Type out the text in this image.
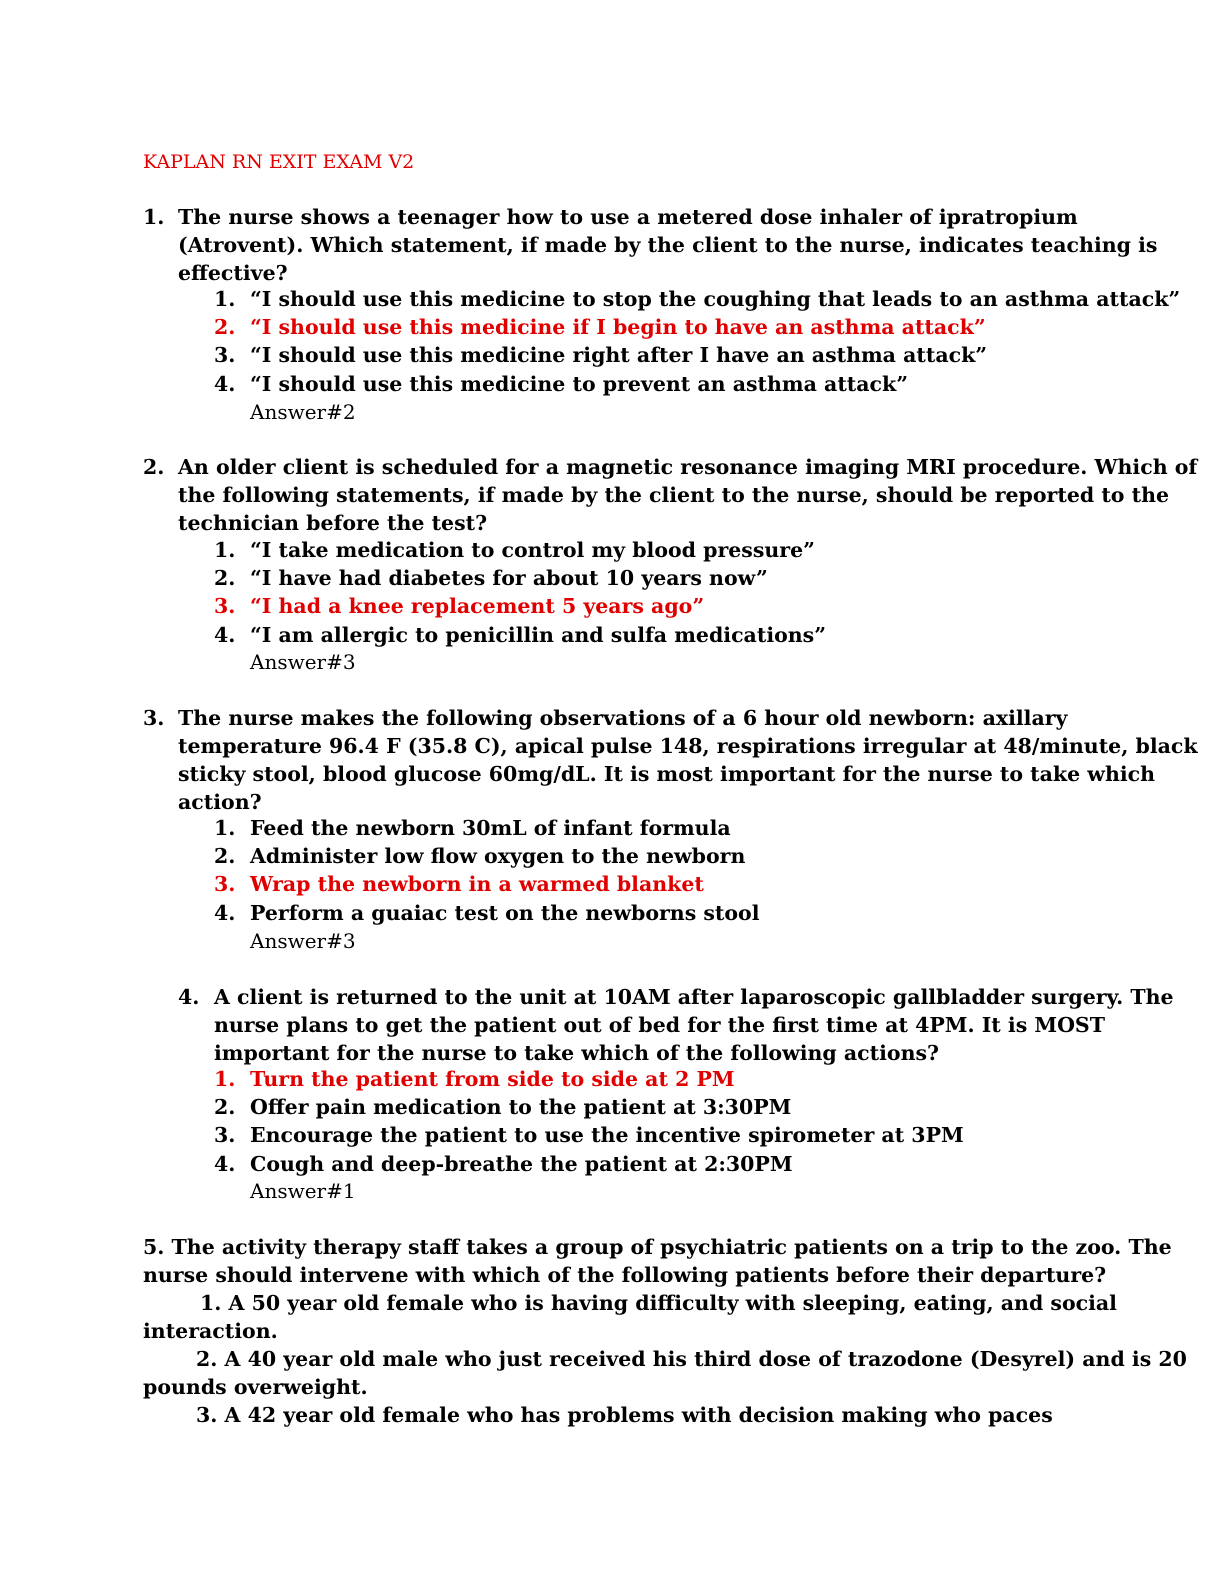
KAPLAN RN EXIT EXAM V2
1. The nurse shows a teenager how to use a metered dose inhaler of ipratropium
(Atrovent). Which statement, if made by the client to the nurse, indicates teaching is
effective?
1. “I should use this medicine to stop the coughing that leads to an asthma attack”
2. “I should use this medicine if I begin to have an asthma attack”
3. “I should use this medicine right after I have an asthma attack”
4. “I should use this medicine to prevent an asthma attack”
Answer#2
2. An older client is scheduled for a magnetic resonance imaging MRI procedure. Which of
the following statements, if made by the client to the nurse, should be reported to the
technician before the test?
1. “I take medication to control my blood pressure”
2. “I have had diabetes for about 10 years now”
3. “I had a knee replacement 5 years ago”
4. “I am allergic to penicillin and sulfa medications”
Answer#3
3. The nurse makes the following observations of a 6 hour old newborn: axillary
temperature 96.4 F (35.8 C), apical pulse 148, respirations irregular at 48/minute, black
sticky stool, blood glucose 60mg/dL. It is most important for the nurse to take which
action?
1. Feed the newborn 30mL of infant formula
2. Administer low flow oxygen to the newborn
3. Wrap the newborn in a warmed blanket
4. Perform a guaiac test on the newborns stool
Answer#3
4. A client is returned to the unit at 10AM after laparoscopic gallbladder surgery. The
nurse plans to get the patient out of bed for the first time at 4PM. It is MOST
important for the nurse to take which of the following actions?
1. Turn the patient from side to side at 2 PM
2. Offer pain medication to the patient at 3:30PM
3. Encourage the patient to use the incentive spirometer at 3PM
4. Cough and deep-breathe the patient at 2:30PM
Answer#1
5. The activity therapy staff takes a group of psychiatric patients on a trip to the zoo. The
nurse should intervene with which of the following patients before their departure?
1. A 50 year old female who is having difficulty with sleeping, eating, and social
interaction.
2. A 40 year old male who just received his third dose of trazodone (Desyrel) and is 20
pounds overweight.
3. A 42 year old female who has problems with decision making who paces
